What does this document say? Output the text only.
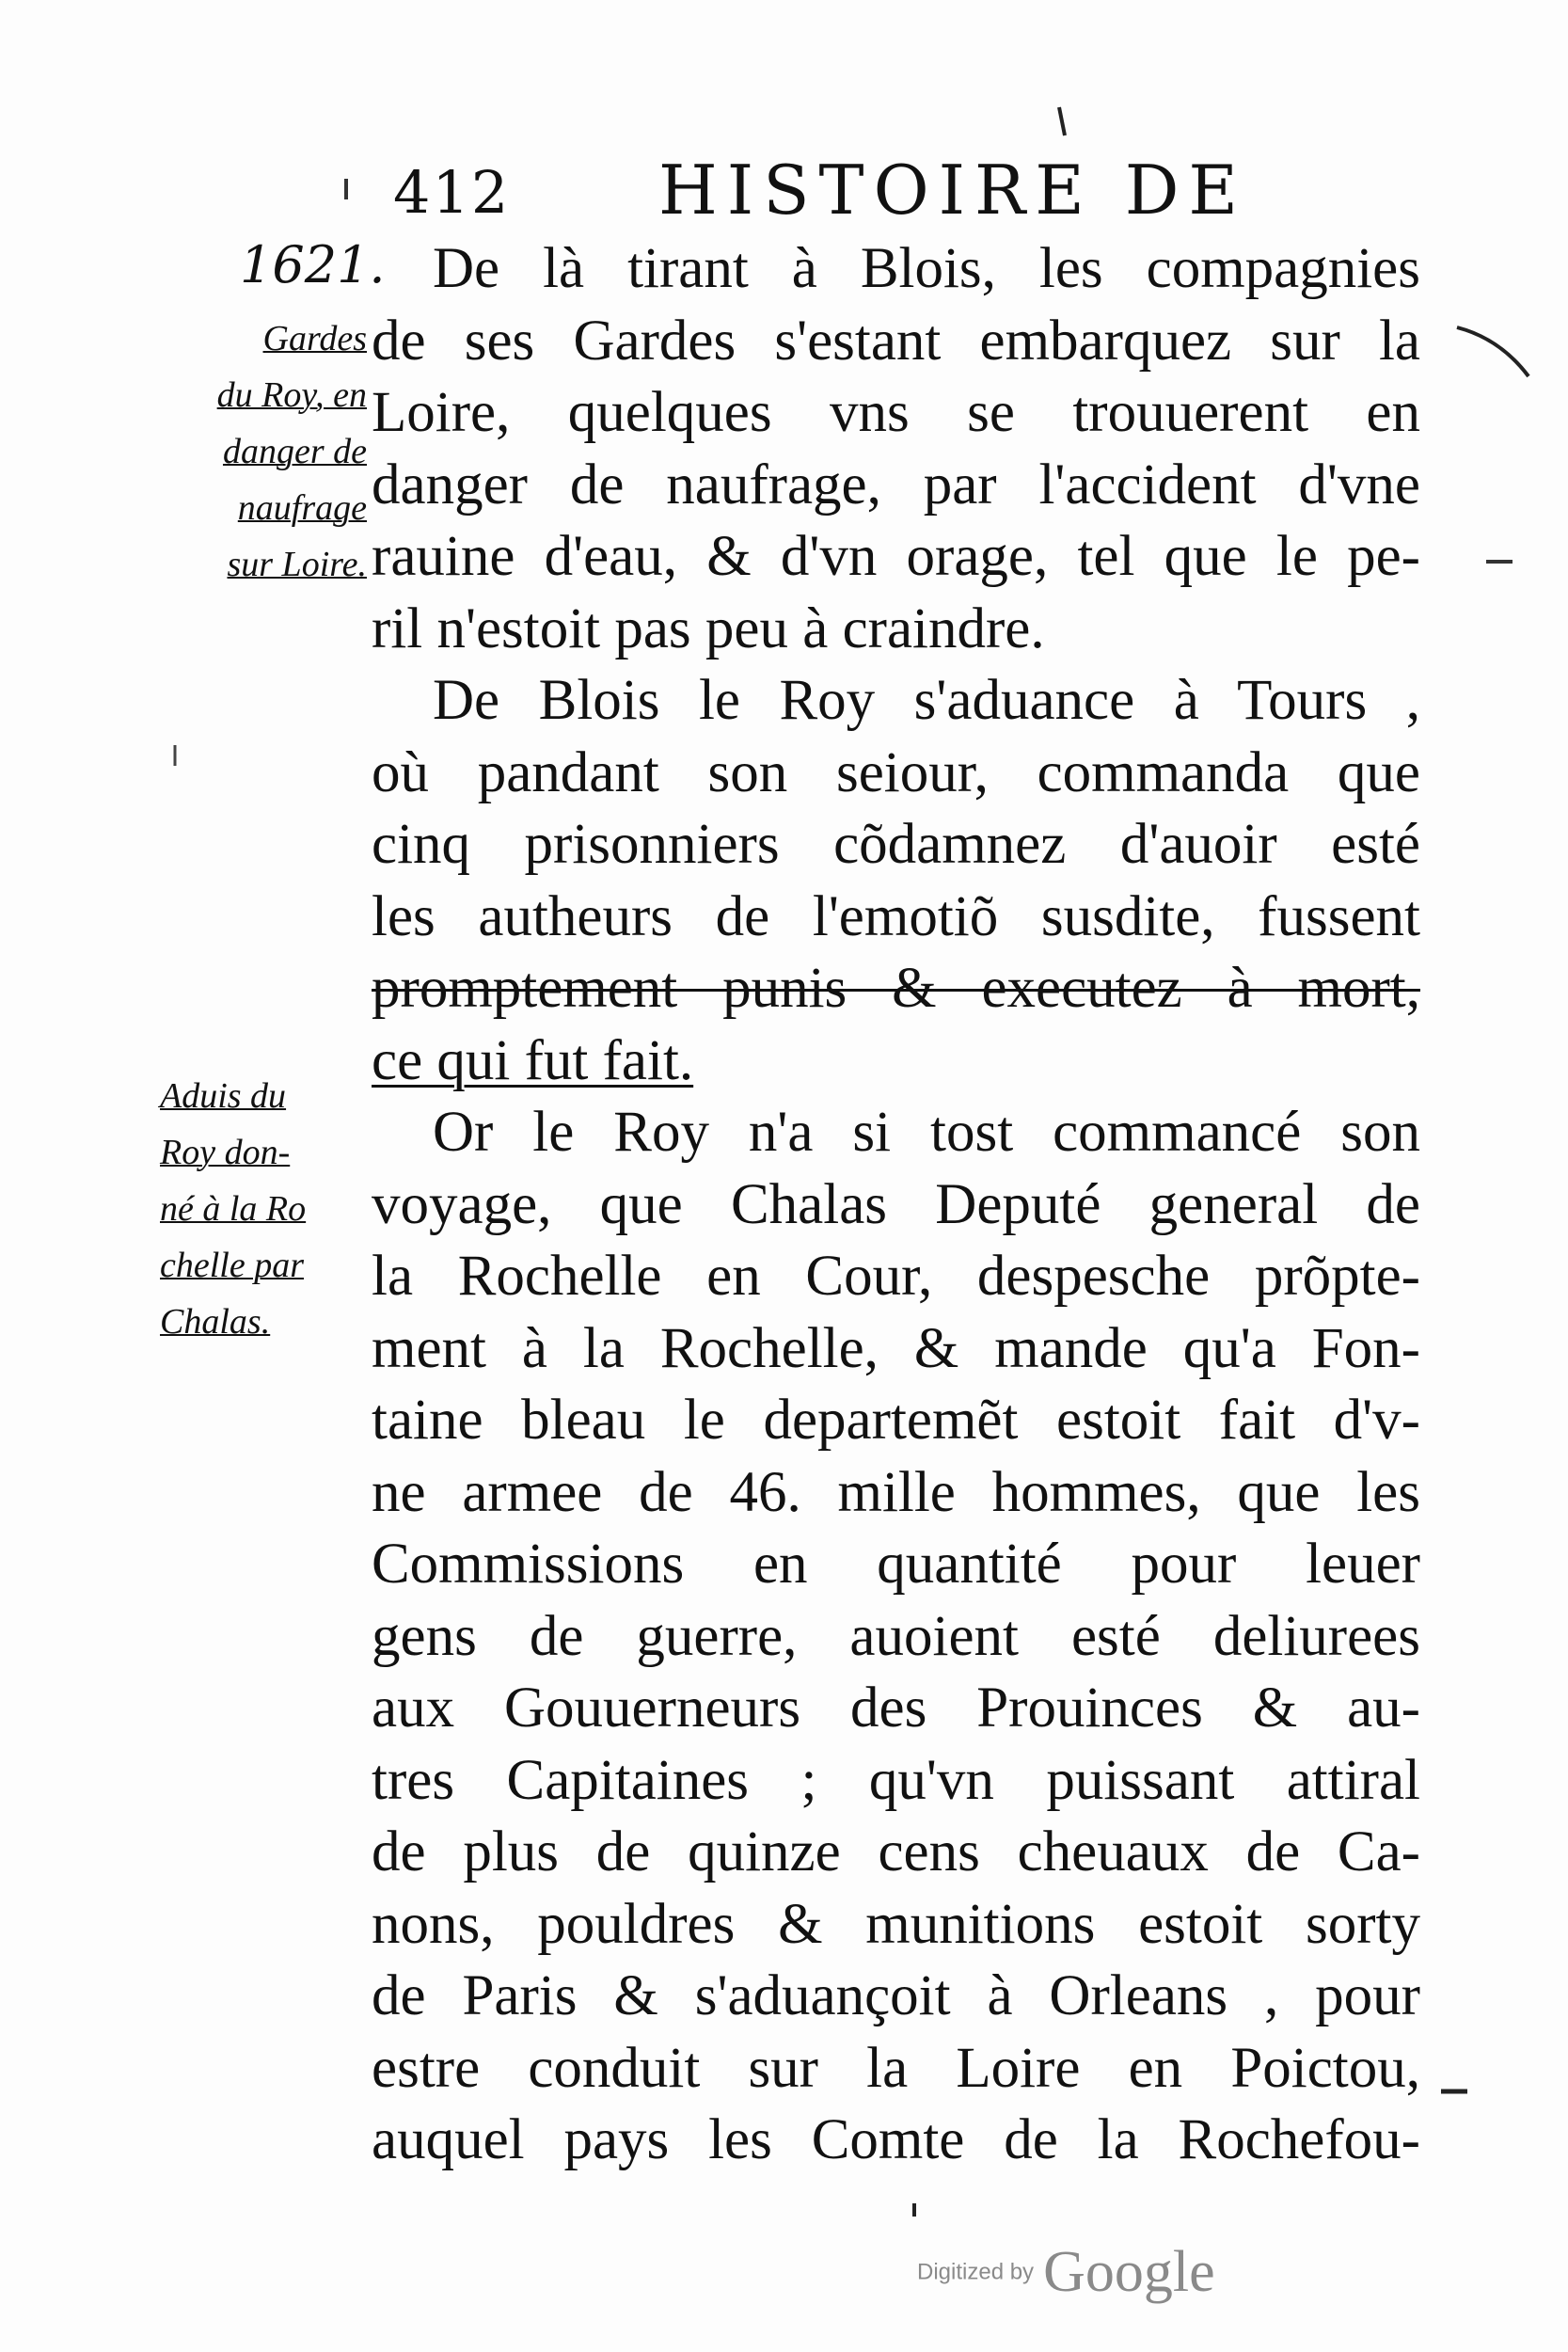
412 HISTOIRE DE
1621.
Gardes
du Roy, en
danger de
naufrage
sur Loire.
Aduis du
Roy don-
né à la Ro
chelle par
Chalas.
De là tirant à Blois, les compagnies
de ses Gardes s'estant embarquez sur la
Loire, quelques vns se trouuerent en
danger de naufrage, par l'accident d'vne
rauine d'eau, & d'vn orage, tel que le pe-
ril n'estoit pas peu à craindre.
De Blois le Roy s'aduance à Tours ,
où pandant son seiour, commanda que
cinq prisonniers cõdamnez d'auoir esté
les autheurs de l'emotiõ susdite, fussent
promptement punis & executez à mort,
ce qui fut fait.
Or le Roy n'a si tost commancé son
voyage, que Chalas Deputé general de
la Rochelle en Cour, despesche prõpte-
ment à la Rochelle, & mande qu'a Fon-
taine bleau le departemẽt estoit fait d'v-
ne armee de 46. mille hommes, que les
Commissions en quantité pour leuer
gens de guerre, auoient esté deliurees
aux Gouuerneurs des Prouinces & au-
tres Capitaines ; qu'vn puissant attiral
de plus de quinze cens cheuaux de Ca-
nons, pouldres & munitions estoit sorty
de Paris & s'aduançoit à Orleans , pour
estre conduit sur la Loire en Poictou,
auquel pays les Comte de la Rochefou-
Digitized by Google
